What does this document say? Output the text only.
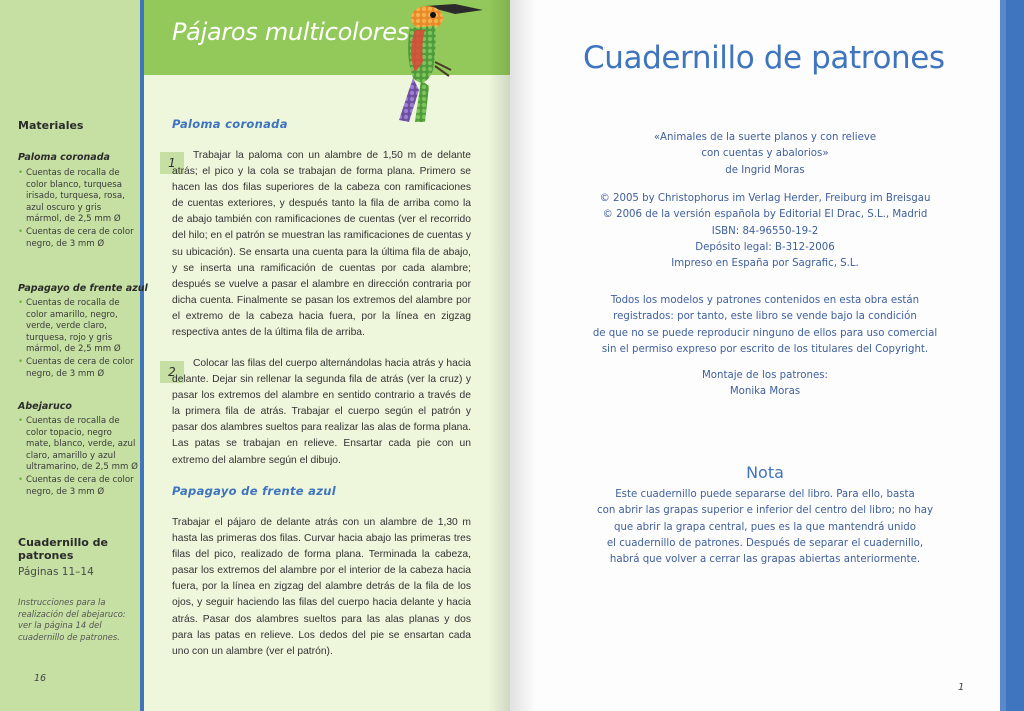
Pájaros multicolores
Materiales
Paloma coronada
• Cuentas de rocalla de color blanco, turquesa irisado, turquesa, rosa, azul oscuro y gris mármol, de 2,5 mm Ø
• Cuentas de cera de color negro, de 3 mm Ø
Papagayo de frente azul
• Cuentas de rocalla de color amarillo, negro, verde, verde claro, turquesa, rojo y gris mármol, de 2,5 mm Ø
• Cuentas de cera de color negro, de 3 mm Ø
Abejaruco
• Cuentas de rocalla de color topacio, negro mate, blanco, verde, azul claro, amarillo y azul ultramarino, de 2,5 mm Ø
• Cuentas de cera de color negro, de 3 mm Ø
Cuadernillo de patrones
Páginas 11–14
Instrucciones para la realización del abejaruco: ver la página 14 del cuadernillo de patrones.
16
Paloma coronada
1
Trabajar la paloma con un alambre de 1,50 m de delante atrás; el pico y la cola se trabajan de forma plana. Primero se hacen las dos filas superiores de la cabeza con ramificaciones de cuentas exteriores, y después tanto la fila de arriba como la de abajo también con ramificaciones de cuentas (ver el recorrido del hilo; en el patrón se muestran las ramificaciones de cuentas y su ubicación). Se ensarta una cuenta para la última fila de abajo, y se inserta una ramificación de cuentas por cada alambre; después se vuelve a pasar el alambre en dirección contraria por dicha cuenta. Finalmente se pasan los extremos del alambre por el extremo de la cabeza hacia fuera, por la línea en zigzag respectiva antes de la última fila de arriba.
2
Colocar las filas del cuerpo alternándolas hacia atrás y hacia delante. Dejar sin rellenar la segunda fila de atrás (ver la cruz) y pasar los extremos del alambre en sentido contrario a través de la primera fila de atrás. Trabajar el cuerpo según el patrón y pasar dos alambres sueltos para realizar las alas de forma plana. Las patas se trabajan en relieve. Ensartar cada pie con un extremo del alambre según el dibujo.
Papagayo de frente azul
Trabajar el pájaro de delante atrás con un alambre de 1,30 m hasta las primeras dos filas. Curvar hacia abajo las primeras tres filas del pico, realizado de forma plana. Terminada la cabeza, pasar los extremos del alambre por el interior de la cabeza hacia fuera, por la línea en zigzag del alambre detrás de la fila de los ojos, y seguir haciendo las filas del cuerpo hacia delante y hacia atrás. Pasar dos alambres sueltos para las alas planas y dos para las patas en relieve. Los dedos del pie se ensartan cada uno con un alambre (ver el patrón).
Cuadernillo de patrones
«Animales de la suerte planos y con relieve
con cuentas y abalorios»
de Ingrid Moras
© 2005 by Christophorus im Verlag Herder, Freiburg im Breisgau
© 2006 de la versión española by Editorial El Drac, S.L., Madrid
ISBN: 84-96550-19-2
Depósito legal: B-312-2006
Impreso en España por Sagrafic, S.L.
Todos los modelos y patrones contenidos en esta obra están
registrados: por tanto, este libro se vende bajo la condición
de que no se puede reproducir ninguno de ellos para uso comercial
sin el permiso expreso por escrito de los titulares del Copyright.
Montaje de los patrones:
Monika Moras
Nota
Este cuadernillo puede separarse del libro. Para ello, basta
con abrir las grapas superior e inferior del centro del libro; no hay
que abrir la grapa central, pues es la que mantendrá unido
el cuadernillo de patrones. Después de separar el cuadernillo,
habrá que volver a cerrar las grapas abiertas anteriormente.
1
